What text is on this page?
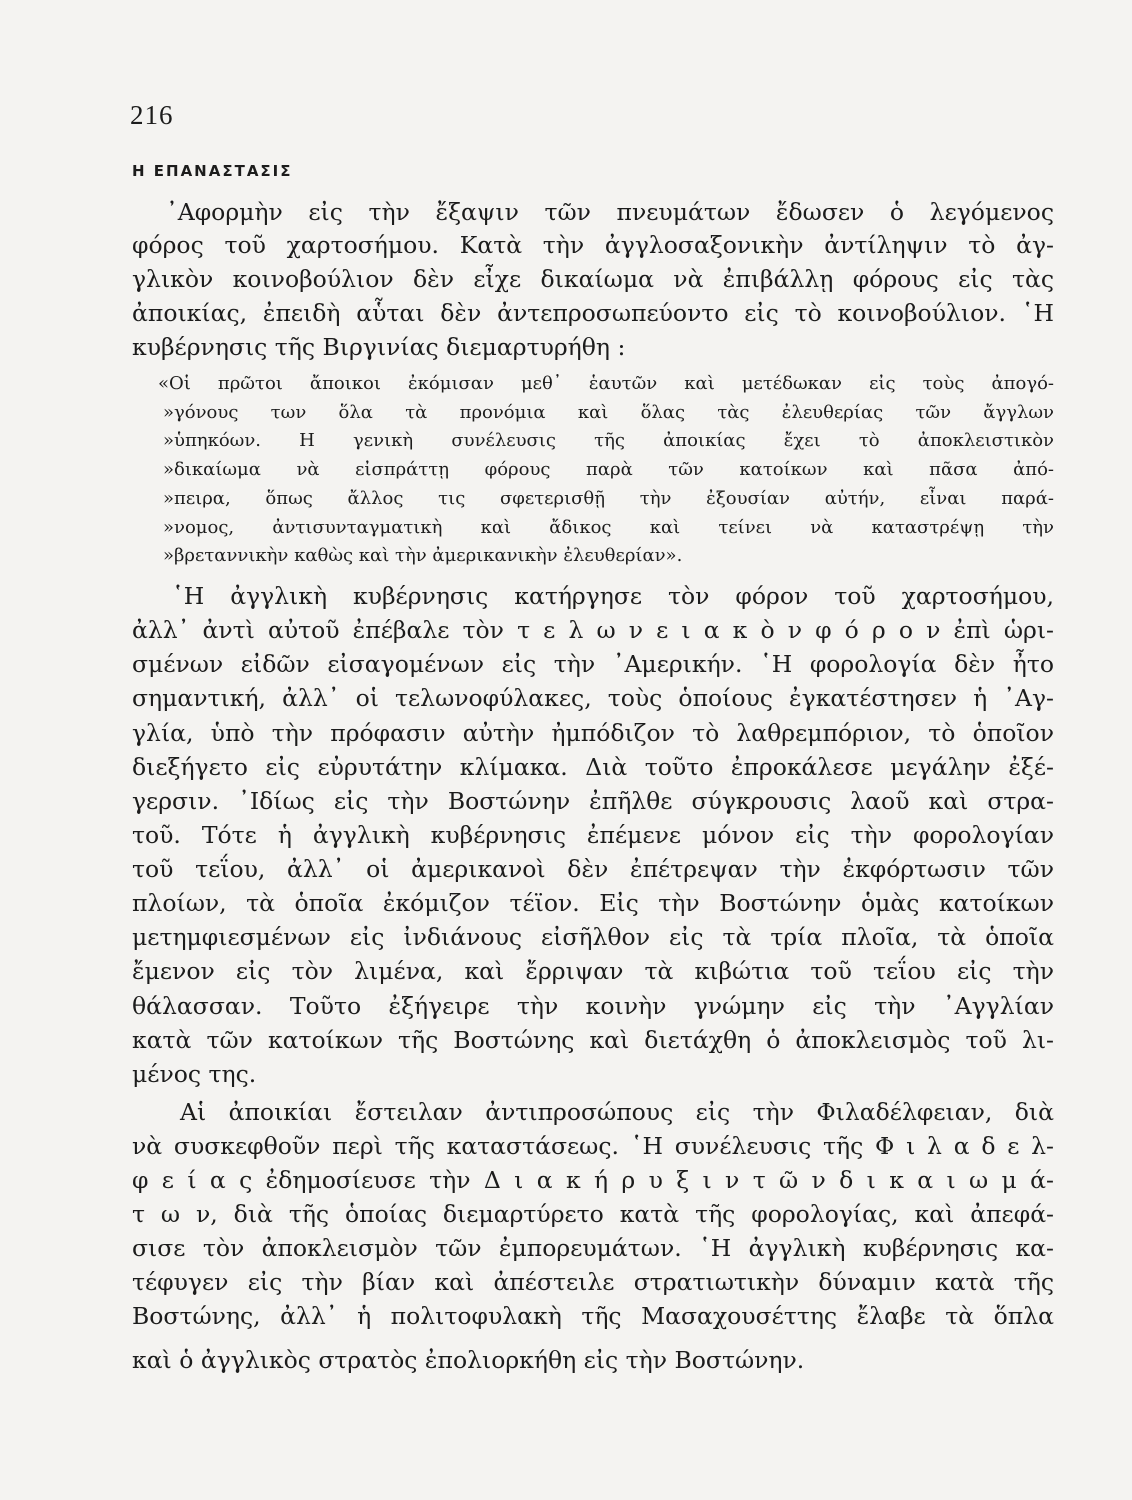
216
Η ΕΠΑΝΑΣΤΑΣΙΣ
᾿Αφορμὴν εἰς τὴν ἔξαψιν τῶν πνευμάτων ἔδωσεν ὁ λεγόμενος
φόρος τοῦ χαρτοσήμου. Κατὰ τὴν ἀγγλοσαξονικὴν ἀντίληψιν τὸ ἀγ-
γλικὸν κοινοβούλιον δὲν εἶχε δικαίωμα νὰ ἐπιβάλλῃ φόρους εἰς τὰς
ἀποικίας, ἐπειδὴ αὗται δὲν ἀντεπροσωπεύοντο εἰς τὸ κοινοβούλιον. ῾Η
κυβέρνησις τῆς Βιργινίας διεμαρτυρήθη :
«Οἱ πρῶτοι ἄποικοι ἐκόμισαν μεθ᾿ ἑαυτῶν καὶ μετέδωκαν εἰς τοὺς ἀπογό-
»γόνους των ὅλα τὰ προνόμια καὶ ὅλας τὰς ἐλευθερίας τῶν ἄγγλων
»ὑπηκόων. Η γενικὴ συνέλευσις τῆς ἀποικίας ἔχει τὸ ἀποκλειστικὸν
»δικαίωμα νὰ εἰσπράττῃ φόρους παρὰ τῶν κατοίκων καὶ πᾶσα ἀπό-
»πειρα, ὅπως ἄλλος τις σφετερισθῇ τὴν ἐξουσίαν αὐτήν, εἶναι παρά-
»νομος, ἀντισυνταγματικὴ καὶ ἄδικος καὶ τείνει νὰ καταστρέψῃ τὴν
»βρεταννικὴν καθὼς καὶ τὴν ἀμερικανικὴν ἐλευθερίαν».
῾Η ἀγγλικὴ κυβέρνησις κατήργησε τὸν φόρον τοῦ χαρτοσήμου,
ἀλλ᾿ ἀντὶ αὐτοῦ ἐπέβαλε τὸν τ ε λ ω ν ε ι α κ ὸ ν φ ό ρ ο ν ἐπὶ ὡρι-
σμένων εἰδῶν εἰσαγομένων εἰς τὴν ᾿Αμερικήν. ῾Η φορολογία δὲν ἦτο
σημαντική, ἀλλ᾿ οἱ τελωνοφύλακες, τοὺς ὁποίους ἐγκατέστησεν ἡ ᾿Αγ-
γλία, ὑπὸ τὴν πρόφασιν αὐτὴν ἠμπόδιζον τὸ λαθρεμπόριον, τὸ ὁποῖον
διεξήγετο εἰς εὐρυτάτην κλίμακα. Διὰ τοῦτο ἐπροκάλεσε μεγάλην ἐξέ-
γερσιν. ᾿Ιδίως εἰς τὴν Βοστώνην ἐπῆλθε σύγκρουσις λαοῦ καὶ στρα-
τοῦ. Τότε ἡ ἀγγλικὴ κυβέρνησις ἐπέμενε μόνον εἰς τὴν φορολογίαν
τοῦ τεΐου, ἀλλ᾿ οἱ ἀμερικανοὶ δὲν ἐπέτρεψαν τὴν ἐκφόρτωσιν τῶν
πλοίων, τὰ ὁποῖα ἐκόμιζον τέϊον. Εἰς τὴν Βοστώνην ὁμὰς κατοίκων
μετημφιεσμένων εἰς ἰνδιάνους εἰσῆλθον εἰς τὰ τρία πλοῖα, τὰ ὁποῖα
ἔμενον εἰς τὸν λιμένα, καὶ ἔρριψαν τὰ κιβώτια τοῦ τεΐου εἰς τὴν
θάλασσαν. Τοῦτο ἐξήγειρε τὴν κοινὴν γνώμην εἰς τὴν ᾿Αγγλίαν
κατὰ τῶν κατοίκων τῆς Βοστώνης καὶ διετάχθη ὁ ἀποκλεισμὸς τοῦ λι-
μένος της.
Αἱ ἀποικίαι ἔστειλαν ἀντιπροσώπους εἰς τὴν Φιλαδέλφειαν, διὰ
νὰ συσκεφθοῦν περὶ τῆς καταστάσεως. ῾Η συνέλευσις τῆς Φ ι λ α δ ε λ-
φ ε ί α ς ἐδημοσίευσε τὴν Δ ι α κ ή ρ υ ξ ι ν τ ῶ ν δ ι κ α ι ω μ ά-
τ ω ν, διὰ τῆς ὁποίας διεμαρτύρετο κατὰ τῆς φορολογίας, καὶ ἀπεφά-
σισε τὸν ἀποκλεισμὸν τῶν ἐμπορευμάτων. ῾Η ἀγγλικὴ κυβέρνησις κα-
τέφυγεν εἰς τὴν βίαν καὶ ἀπέστειλε στρατιωτικὴν δύναμιν κατὰ τῆς
Βοστώνης, ἀλλ᾿ ἡ πολιτοφυλακὴ τῆς Μασαχουσέττης ἔλαβε τὰ ὅπλα
καὶ ὁ ἀγγλικὸς στρατὸς ἐπολιορκήθη εἰς τὴν Βοστώνην.
